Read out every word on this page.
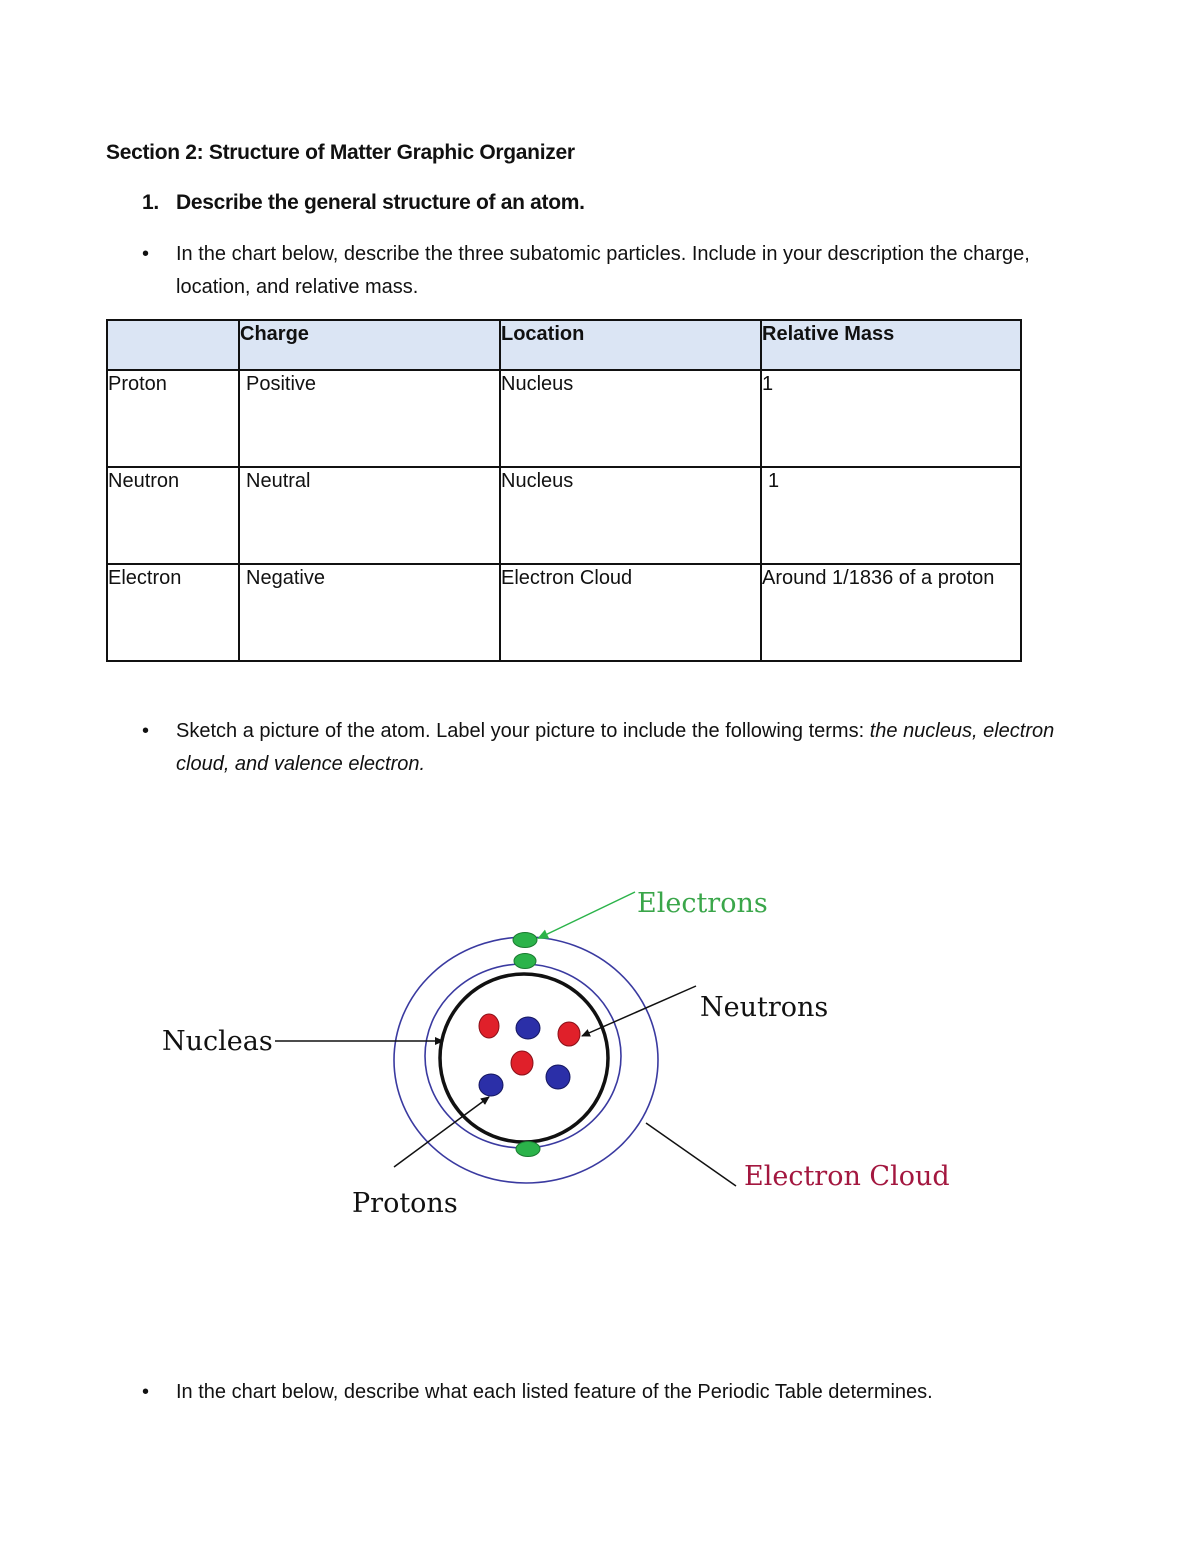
Section 2: Structure of Matter Graphic Organizer
1. Describe the general structure of an atom.
•	In the chart below, describe the three subatomic particles. Include in your description the charge, location, and relative mass.
	Charge	Location	Relative Mass
Proton	Positive	Nucleus	1
Neutron	Neutral	Nucleus	1
Electron	Negative	Electron Cloud	Around 1/1836 of a proton
•	Sketch a picture of the atom. Label your picture to include the following terms: the nucleus, electron cloud, and valence electron.
Electrons
Neutrons
Nucleas
Protons
Electron Cloud
•	In the chart below, describe what each listed feature of the Periodic Table determines.
